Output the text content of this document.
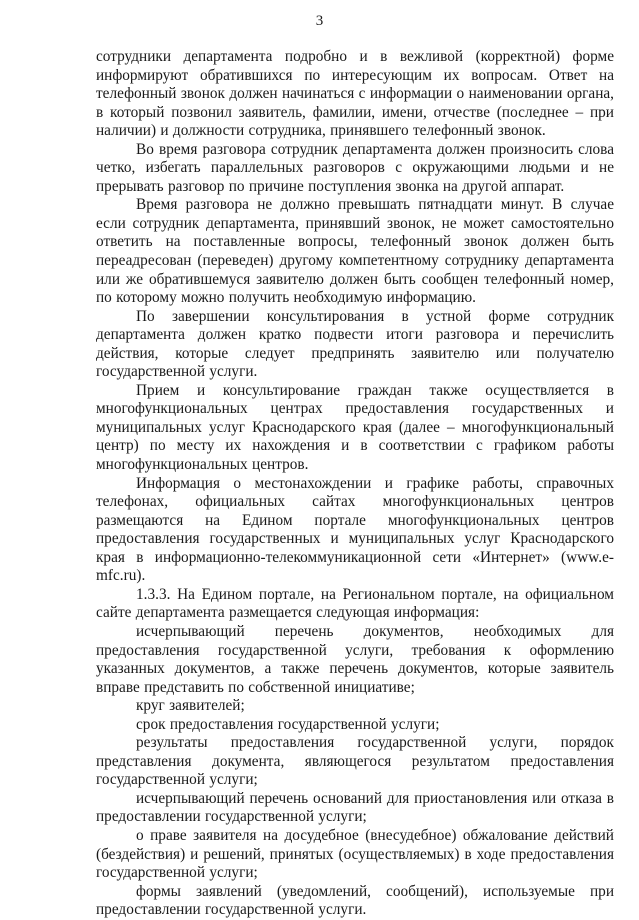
3

сотрудники департамента подробно и в вежливой (корректной) форме информируют обратившихся по интересующим их вопросам. Ответ на телефонный звонок должен начинаться с информации о наименовании органа, в который позвонил заявитель, фамилии, имени, отчестве (последнее – при наличии) и должности сотрудника, принявшего телефонный звонок.

Во время разговора сотрудник департамента должен произносить слова четко, избегать параллельных разговоров с окружающими людьми и не прерывать разговор по причине поступления звонка на другой аппарат.

Время разговора не должно превышать пятнадцати минут. В случае если сотрудник департамента, принявший звонок, не может самостоятельно ответить на поставленные вопросы, телефонный звонок должен быть переадресован (переведен) другому компетентному сотруднику департамента или же обратившемуся заявителю должен быть сообщен телефонный номер, по которому можно получить необходимую информацию.

По завершении консультирования в устной форме сотрудник департамента должен кратко подвести итоги разговора и перечислить действия, которые следует предпринять заявителю или получателю государственной услуги.

Прием и консультирование граждан также осуществляется в многофункциональных центрах предоставления государственных и муниципальных услуг Краснодарского края (далее – многофункциональный центр) по месту их нахождения и в соответствии с графиком работы многофункциональных центров.

Информация о местонахождении и графике работы, справочных телефонах, официальных сайтах многофункциональных центров размещаются на Едином портале многофункциональных центров предоставления государственных и муниципальных услуг Краснодарского края в информационно-телекоммуникационной сети «Интернет» (www.e-mfc.ru).

1.3.3. На Едином портале, на Региональном портале, на официальном сайте департамента размещается следующая информация:

исчерпывающий перечень документов, необходимых для предоставления государственной услуги, требования к оформлению указанных документов, а также перечень документов, которые заявитель вправе представить по собственной инициативе;

круг заявителей;

срок предоставления государственной услуги;

результаты предоставления государственной услуги, порядок представления документа, являющегося результатом предоставления государственной услуги;

исчерпывающий перечень оснований для приостановления или отказа в предоставлении государственной услуги;

о праве заявителя на досудебное (внесудебное) обжалование действий (бездействия) и решений, принятых (осуществляемых) в ходе предоставления государственной услуги;

формы заявлений (уведомлений, сообщений), используемые при предоставлении государственной услуги.
